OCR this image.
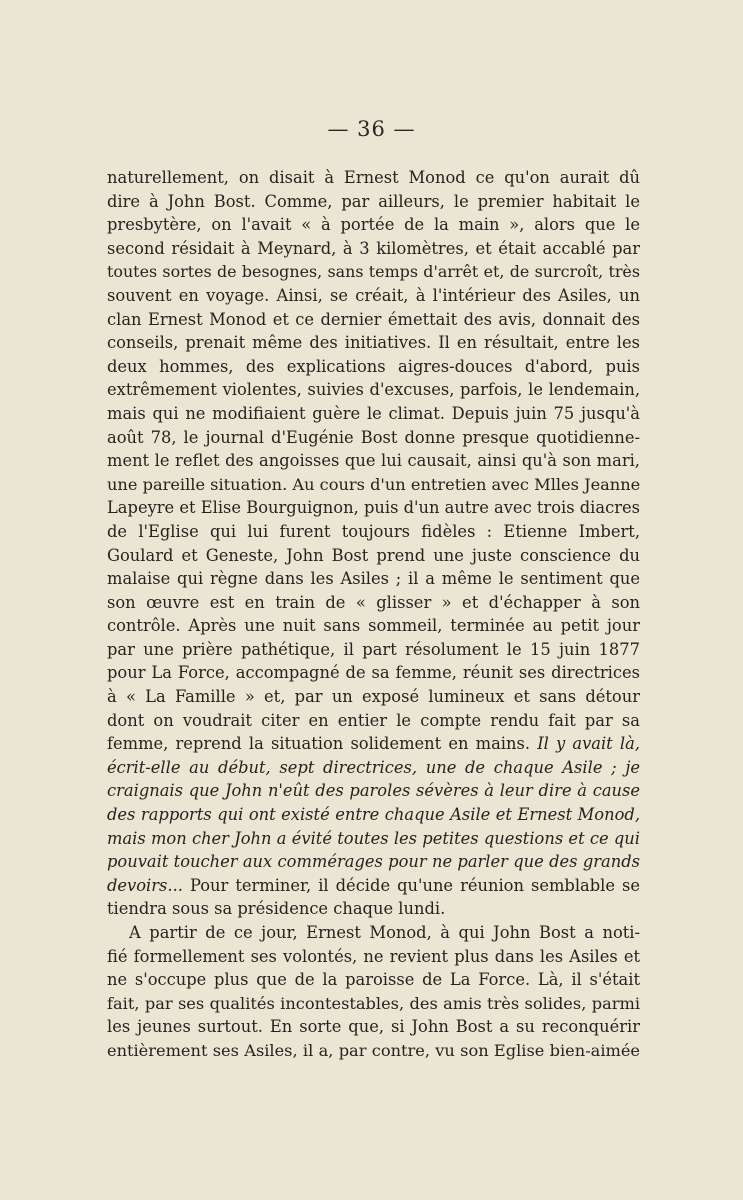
— 36 —
naturellement, on disait à Ernest Monod ce qu'on aurait dû
dire à John Bost. Comme, par ailleurs, le premier habitait le
presbytère, on l'avait « à portée de la main », alors que le
second résidait à Meynard, à 3 kilomètres, et était accablé par
toutes sortes de besognes, sans temps d'arrêt et, de surcroît, très
souvent en voyage. Ainsi, se créait, à l'intérieur des Asiles, un
clan Ernest Monod et ce dernier émettait des avis, donnait des
conseils, prenait même des initiatives. Il en résultait, entre les
deux hommes, des explications aigres-douces d'abord, puis
extrêmement violentes, suivies d'excuses, parfois, le lendemain,
mais qui ne modifiaient guère le climat. Depuis juin 75 jusqu'à
août 78, le journal d'Eugénie Bost donne presque quotidienne-
ment le reflet des angoisses que lui causait, ainsi qu'à son mari,
une pareille situation. Au cours d'un entretien avec Mlles Jeanne
Lapeyre et Elise Bourguignon, puis d'un autre avec trois diacres
de l'Eglise qui lui furent toujours fidèles : Etienne Imbert,
Goulard et Geneste, John Bost prend une juste conscience du
malaise qui règne dans les Asiles ; il a même le sentiment que
son œuvre est en train de « glisser » et d'échapper à son
contrôle. Après une nuit sans sommeil, terminée au petit jour
par une prière pathétique, il part résolument le 15 juin 1877
pour La Force, accompagné de sa femme, réunit ses directrices
à « La Famille » et, par un exposé lumineux et sans détour
dont on voudrait citer en entier le compte rendu fait par sa
femme, reprend la situation solidement en mains. Il y avait là,
écrit-elle au début, sept directrices, une de chaque Asile ; je
craignais que John n'eût des paroles sévères à leur dire à cause
des rapports qui ont existé entre chaque Asile et Ernest Monod,
mais mon cher John a évité toutes les petites questions et ce qui
pouvait toucher aux commérages pour ne parler que des grands
devoirs... Pour terminer, il décide qu'une réunion semblable se
tiendra sous sa présidence chaque lundi.
A partir de ce jour, Ernest Monod, à qui John Bost a noti-
fié formellement ses volontés, ne revient plus dans les Asiles et
ne s'occupe plus que de la paroisse de La Force. Là, il s'était
fait, par ses qualités incontestables, des amis très solides, parmi
les jeunes surtout. En sorte que, si John Bost a su reconquérir
entièrement ses Asiles, il a, par contre, vu son Eglise bien-aimée
